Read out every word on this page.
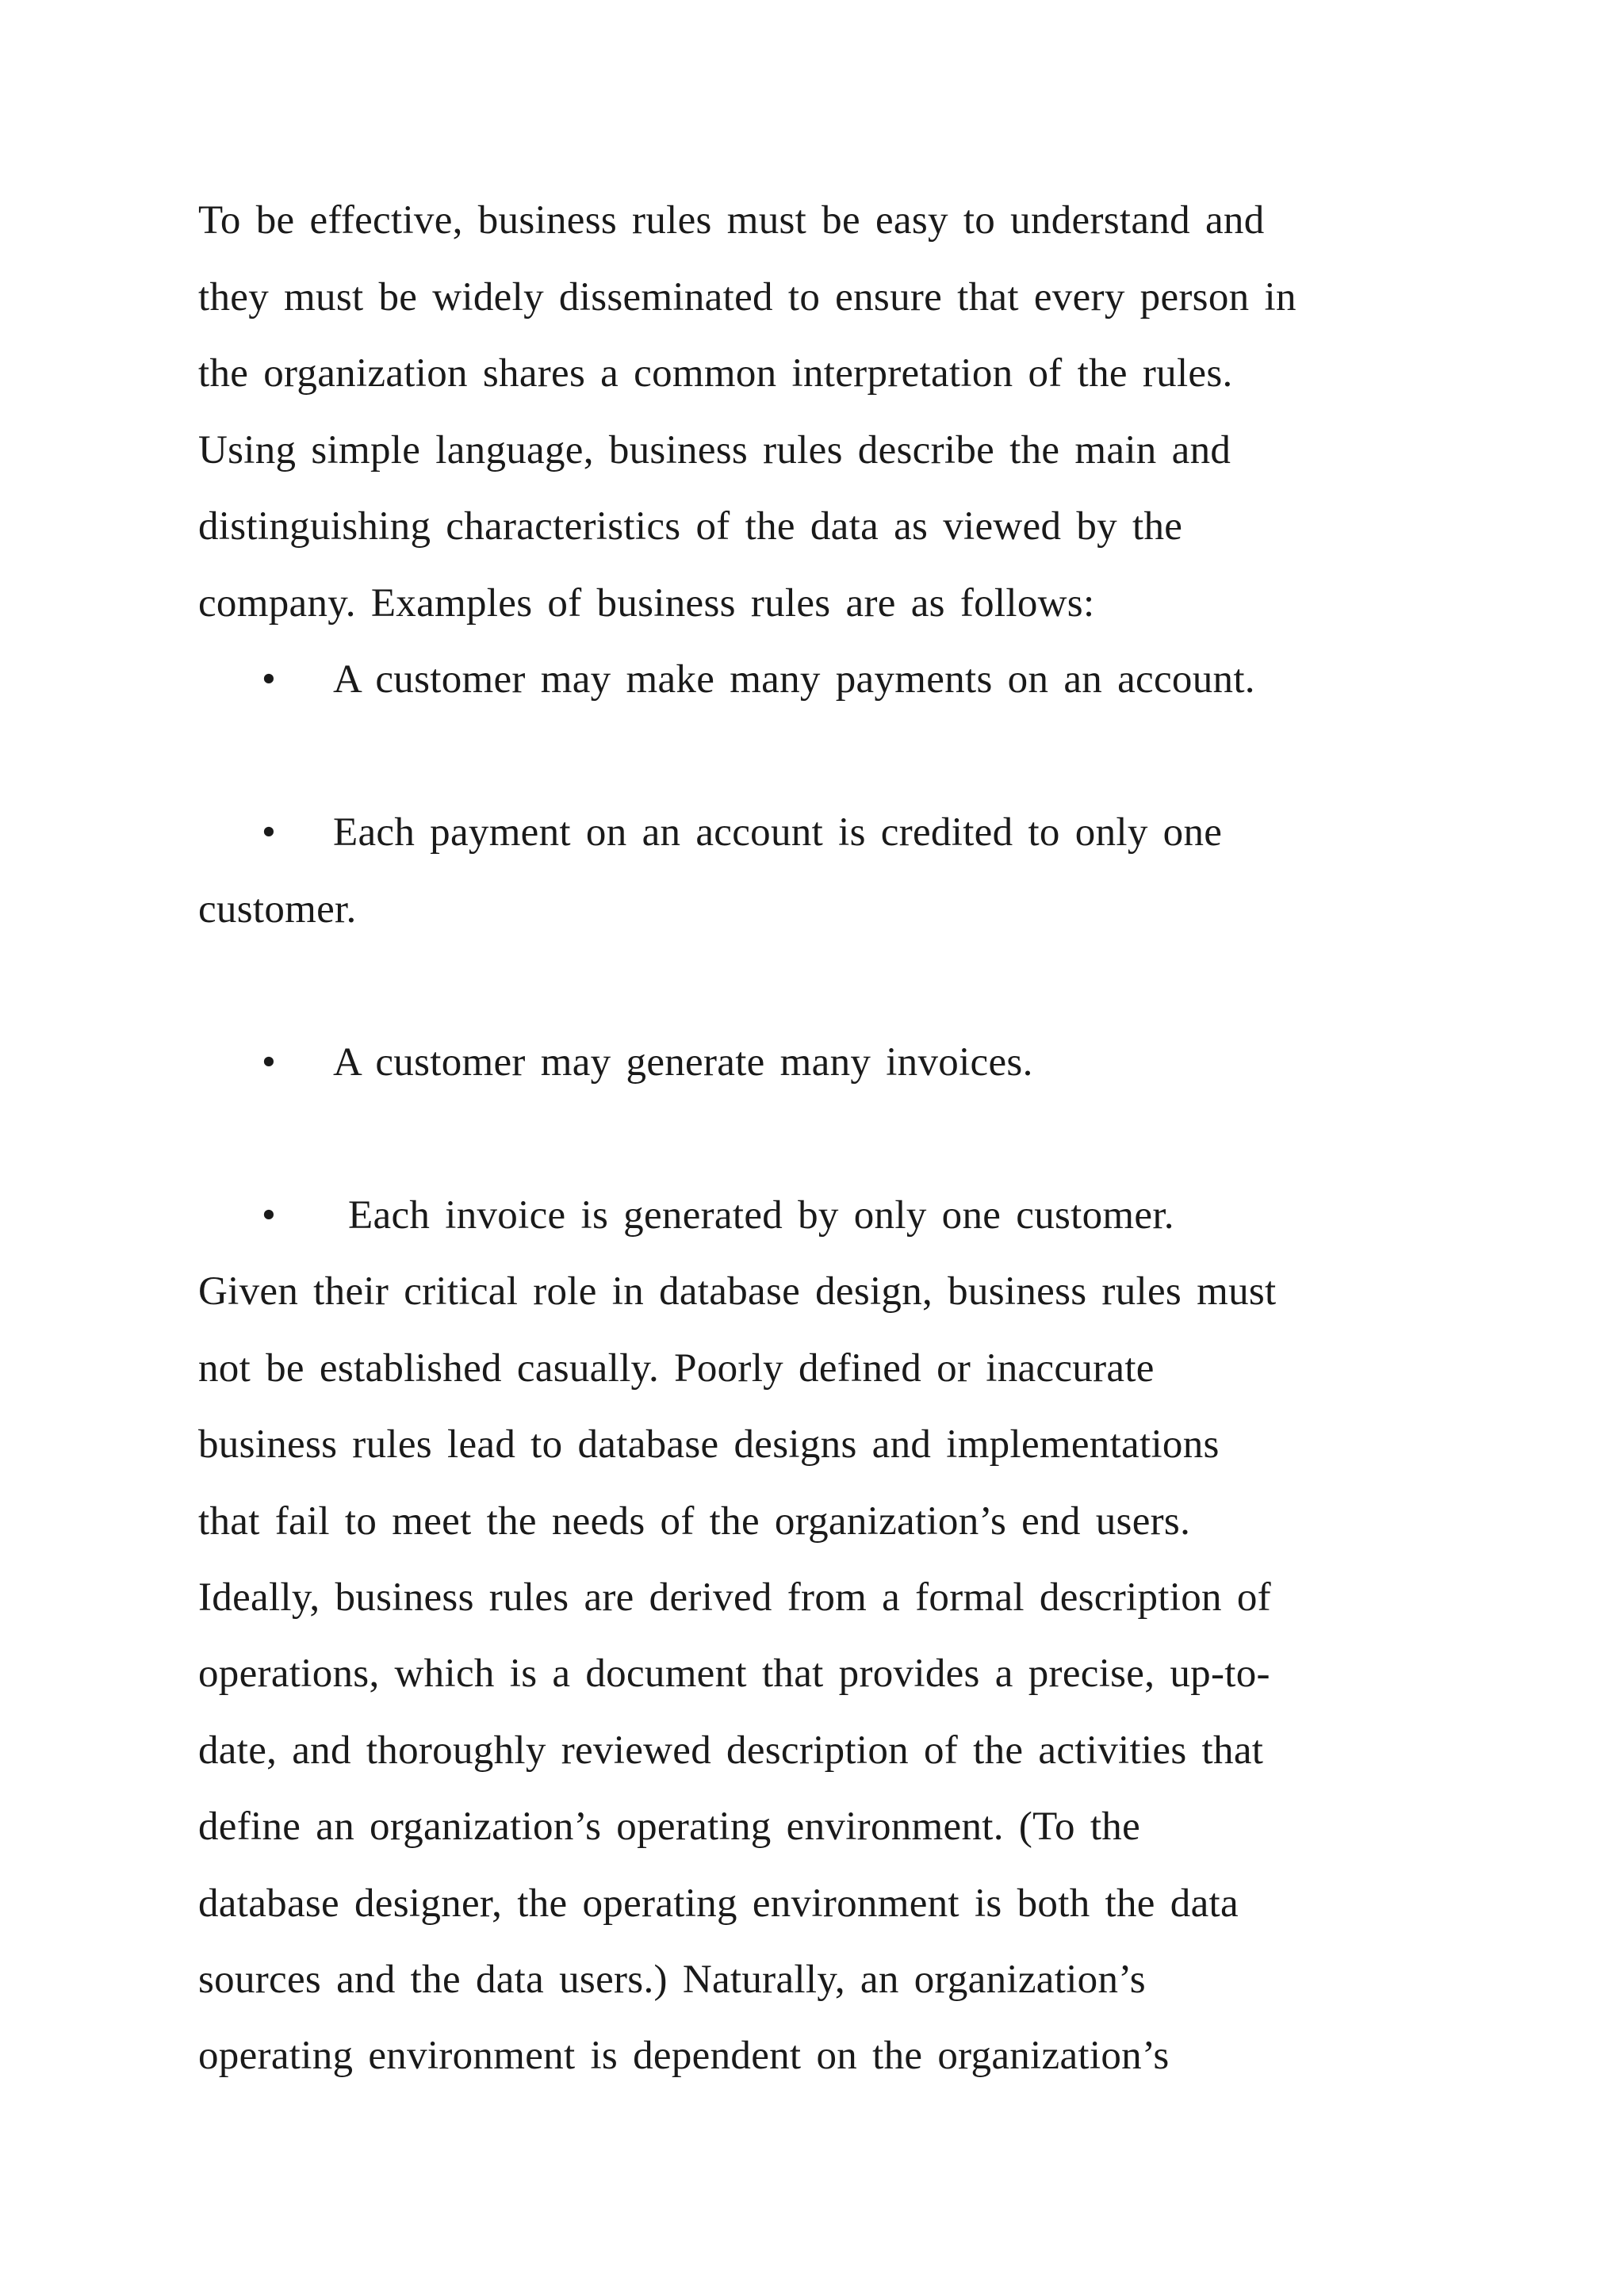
To be effective, business rules must be easy to understand and
they must be widely disseminated to ensure that every person in
the organization shares a common interpretation of the rules.
Using simple language, business rules describe the main and
distinguishing characteristics of the data as viewed by the
company. Examples of business rules are as follows:
• A customer may make many payments on an account.
• Each payment on an account is credited to only one
customer.
• A customer may generate many invoices.
• Each invoice is generated by only one customer.
Given their critical role in database design, business rules must
not be established casually. Poorly defined or inaccurate
business rules lead to database designs and implementations
that fail to meet the needs of the organization’s end users.
Ideally, business rules are derived from a formal description of
operations, which is a document that provides a precise, up-to-
date, and thoroughly reviewed description of the activities that
define an organization’s operating environment. (To the
database designer, the operating environment is both the data
sources and the data users.) Naturally, an organization’s
operating environment is dependent on the organization’s
